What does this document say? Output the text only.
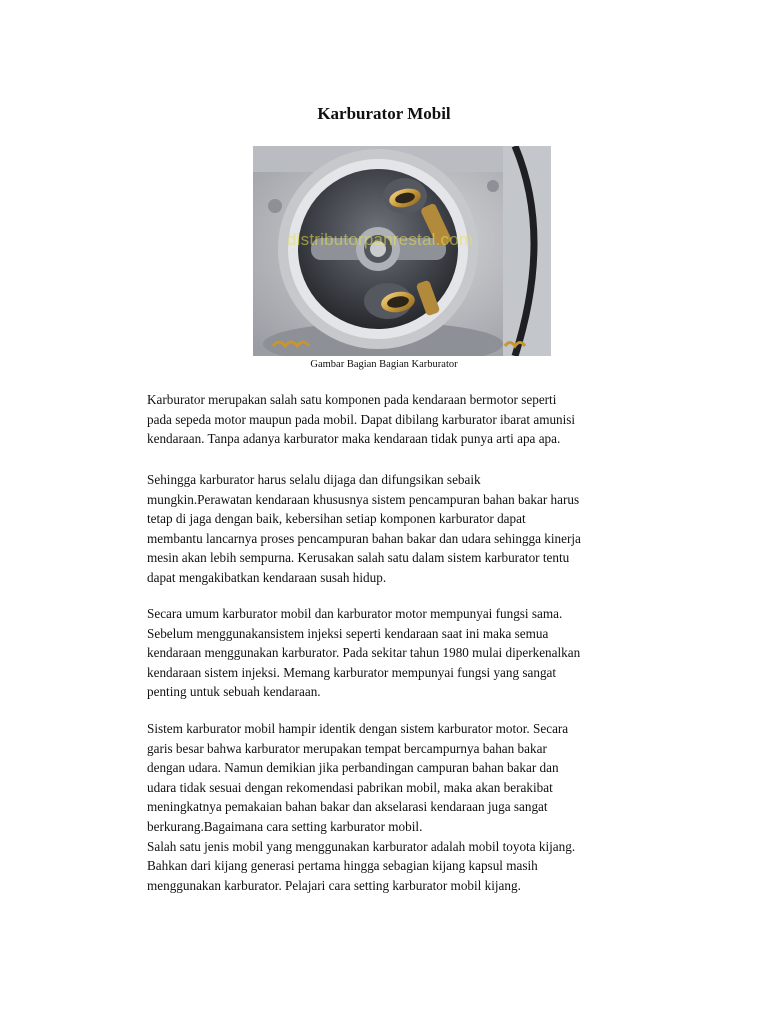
Karburator Mobil
distributorpanrestal.com
Gambar Bagian Bagian Karburator

Karburator merupakan salah satu komponen pada kendaraan bermotor seperti
pada sepeda motor maupun pada mobil. Dapat dibilang karburator ibarat amunisi
kendaraan. Tanpa adanya karburator maka kendaraan tidak punya arti apa apa.

Sehingga karburator harus selalu dijaga dan difungsikan sebaik
mungkin.Perawatan kendaraan khususnya sistem pencampuran bahan bakar harus
tetap di jaga dengan baik, kebersihan setiap komponen karburator dapat
membantu lancarnya proses pencampuran bahan bakar dan udara sehingga kinerja
mesin akan lebih sempurna. Kerusakan salah satu dalam sistem karburator tentu
dapat mengakibatkan kendaraan susah hidup.

Secara umum karburator mobil dan karburator motor mempunyai fungsi sama.
Sebelum menggunakansistem injeksi seperti kendaraan saat ini maka semua
kendaraan menggunakan karburator. Pada sekitar tahun 1980 mulai diperkenalkan
kendaraan sistem injeksi. Memang karburator mempunyai fungsi yang sangat
penting untuk sebuah kendaraan.

Sistem karburator mobil hampir identik dengan sistem karburator motor. Secara
garis besar bahwa karburator merupakan tempat bercampurnya bahan bakar
dengan udara. Namun demikian jika perbandingan campuran bahan bakar dan
udara tidak sesuai dengan rekomendasi pabrikan mobil, maka akan berakibat
meningkatnya pemakaian bahan bakar dan akselarasi kendaraan juga sangat
berkurang.Bagaimana cara setting karburator mobil.

Salah satu jenis mobil yang menggunakan karburator adalah mobil toyota kijang.
Bahkan dari kijang generasi pertama hingga sebagian kijang kapsul masih
menggunakan karburator. Pelajari cara setting karburator mobil kijang.
